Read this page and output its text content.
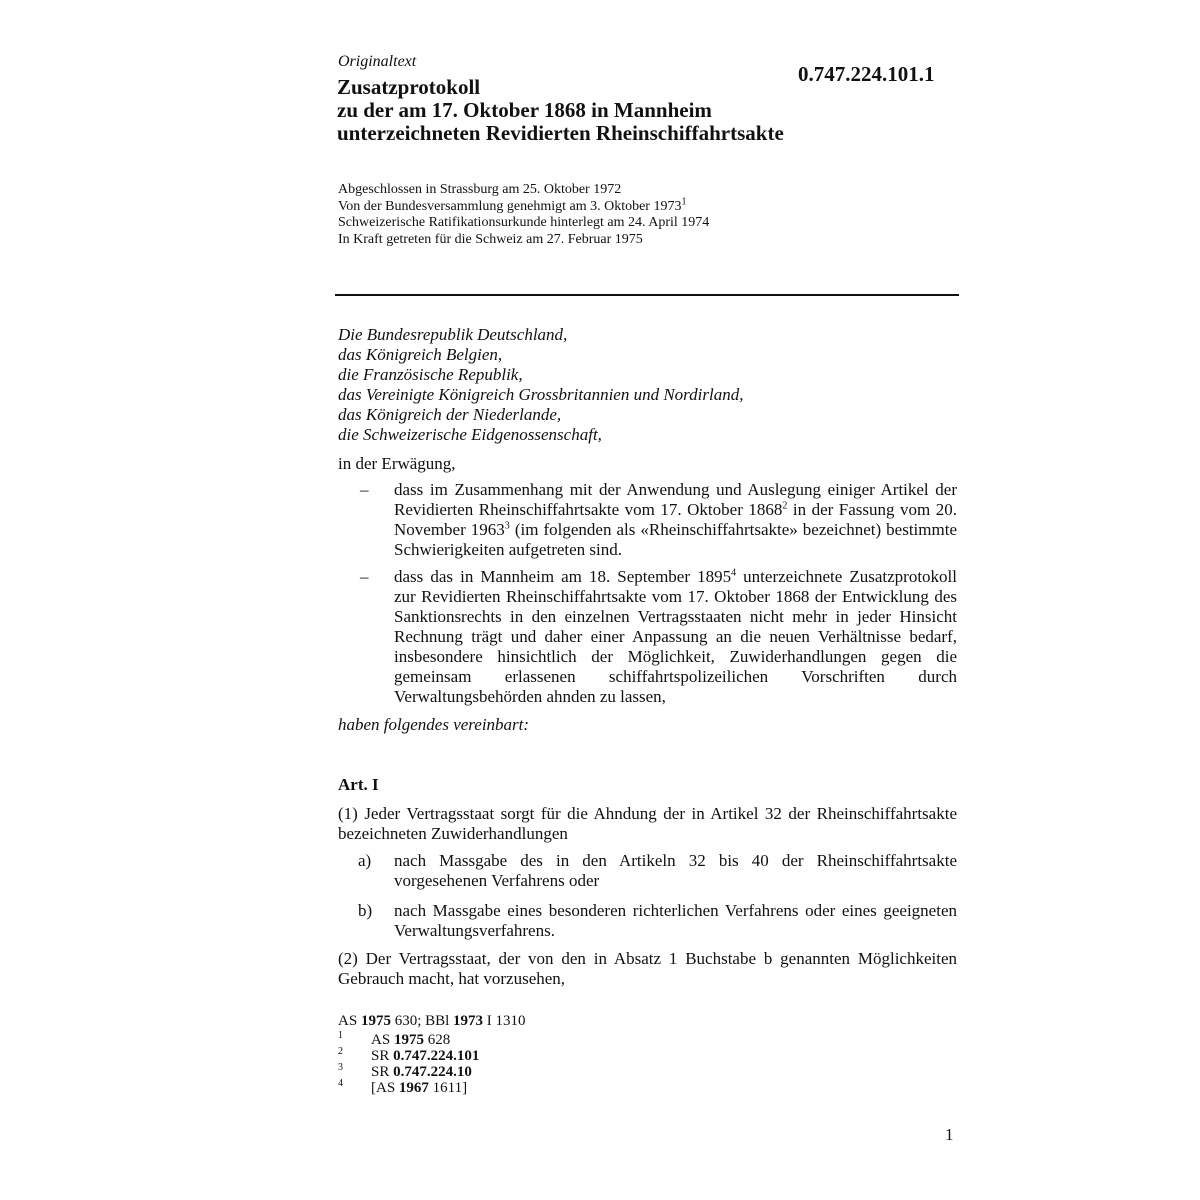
Originaltext
0.747.224.101.1
Zusatzprotokoll
zu der am 17. Oktober 1868 in Mannheim
unterzeichneten Revidierten Rheinschiffahrtsakte
Abgeschlossen in Strassburg am 25. Oktober 1972
Von der Bundesversammlung genehmigt am 3. Oktober 1973$^1$
Schweizerische Ratifikationsurkunde hinterlegt am 24. April 1974
In Kraft getreten für die Schweiz am 27. Februar 1975
Die Bundesrepublik Deutschland,
das Königreich Belgien,
die Französische Republik,
das Vereinigte Königreich Grossbritannien und Nordirland,
das Königreich der Niederlande,
die Schweizerische Eidgenossenschaft,
in der Erwägung,
– dass im Zusammenhang mit der Anwendung und Auslegung einiger Artikel der Revidierten Rheinschiffahrtsakte vom 17. Oktober 1868$^2$ in der Fassung vom 20. November 1963$^3$ (im folgenden als «Rheinschiffahrtsakte» bezeichnet) bestimmte Schwierigkeiten aufgetreten sind.
– dass das in Mannheim am 18. September 1895$^4$ unterzeichnete Zusatzprotokoll zur Revidierten Rheinschiffahrtsakte vom 17. Oktober 1868 der Entwicklung des Sanktionsrechts in den einzelnen Vertragsstaaten nicht mehr in jeder Hinsicht Rechnung trägt und daher einer Anpassung an die neuen Verhältnisse bedarf, insbesondere hinsichtlich der Möglichkeit, Zuwiderhandlungen gegen die gemeinsam erlassenen schiffahrtspolizeilichen Vorschriften durch Verwaltungsbehörden ahnden zu lassen,
haben folgendes vereinbart:
Art. I
(1) Jeder Vertragsstaat sorgt für die Ahndung der in Artikel 32 der Rheinschiffahrtsakte bezeichneten Zuwiderhandlungen
a) nach Massgabe des in den Artikeln 32 bis 40 der Rheinschiffahrtsakte vorgesehenen Verfahrens oder
b) nach Massgabe eines besonderen richterlichen Verfahrens oder eines geeigneten Verwaltungsverfahrens.
(2) Der Vertragsstaat, der von den in Absatz 1 Buchstabe b genannten Möglichkeiten Gebrauch macht, hat vorzusehen,
AS 1975 630; BBl 1973 I 1310
1 AS 1975 628
2 SR 0.747.224.101
3 SR 0.747.224.10
4 [AS 1967 1611]
1
